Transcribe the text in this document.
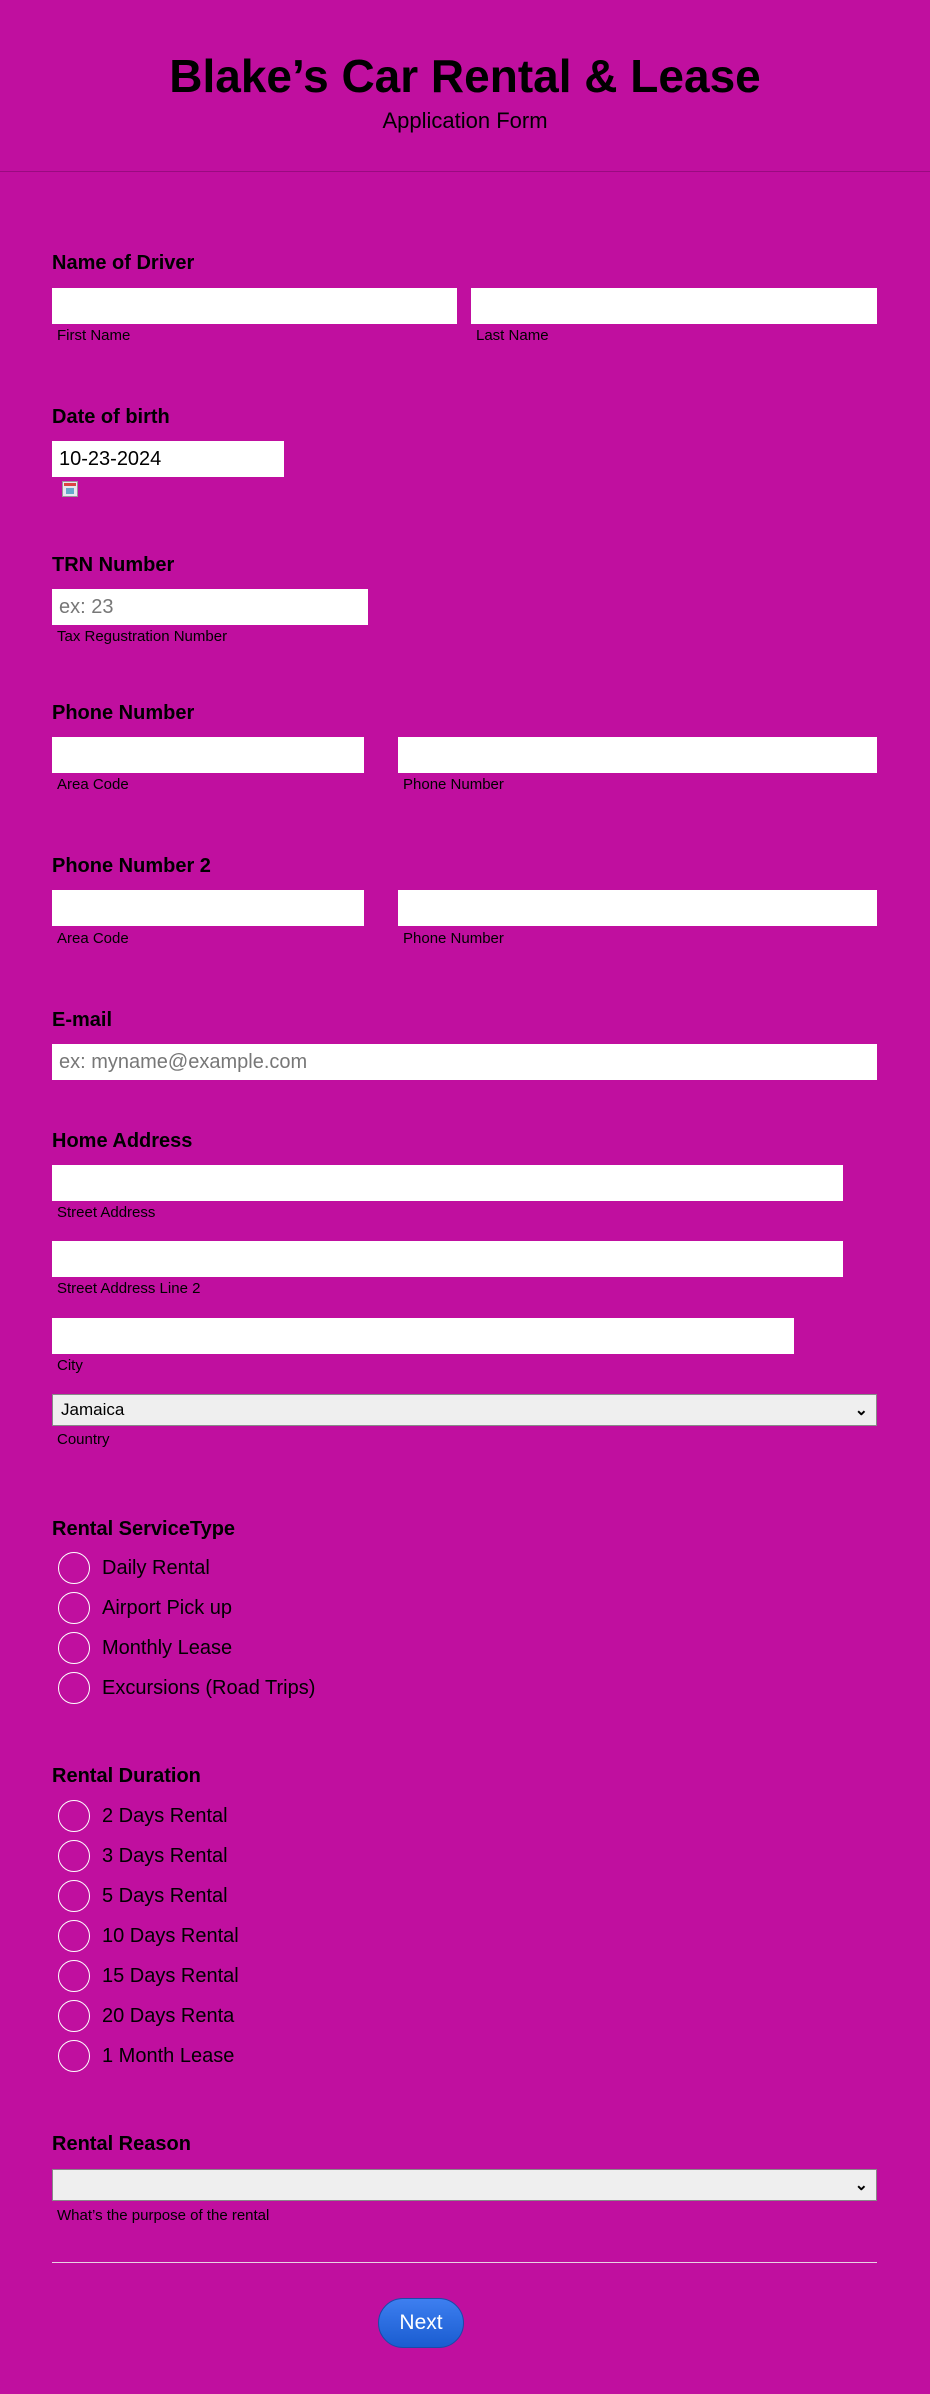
Blake’s Car Rental & Lease
Application Form
Name of Driver
First Name	Last Name
Date of birth
10-23-2024
TRN Number
ex: 23
Tax Regustration Number
Phone Number
Area Code	Phone Number
Phone Number 2
Area Code	Phone Number
E-mail
ex: myname@example.com
Home Address
Street Address
Street Address Line 2
City
Jamaica	⌄
Country
Rental ServiceType
Daily Rental
Airport Pick up
Monthly Lease
Excursions (Road Trips)
Rental Duration
2 Days Rental
3 Days Rental
5 Days Rental
10 Days Rental
15 Days Rental
20 Days Renta
1 Month Lease
Rental Reason
⌄
What’s the purpose of the rental
Next
